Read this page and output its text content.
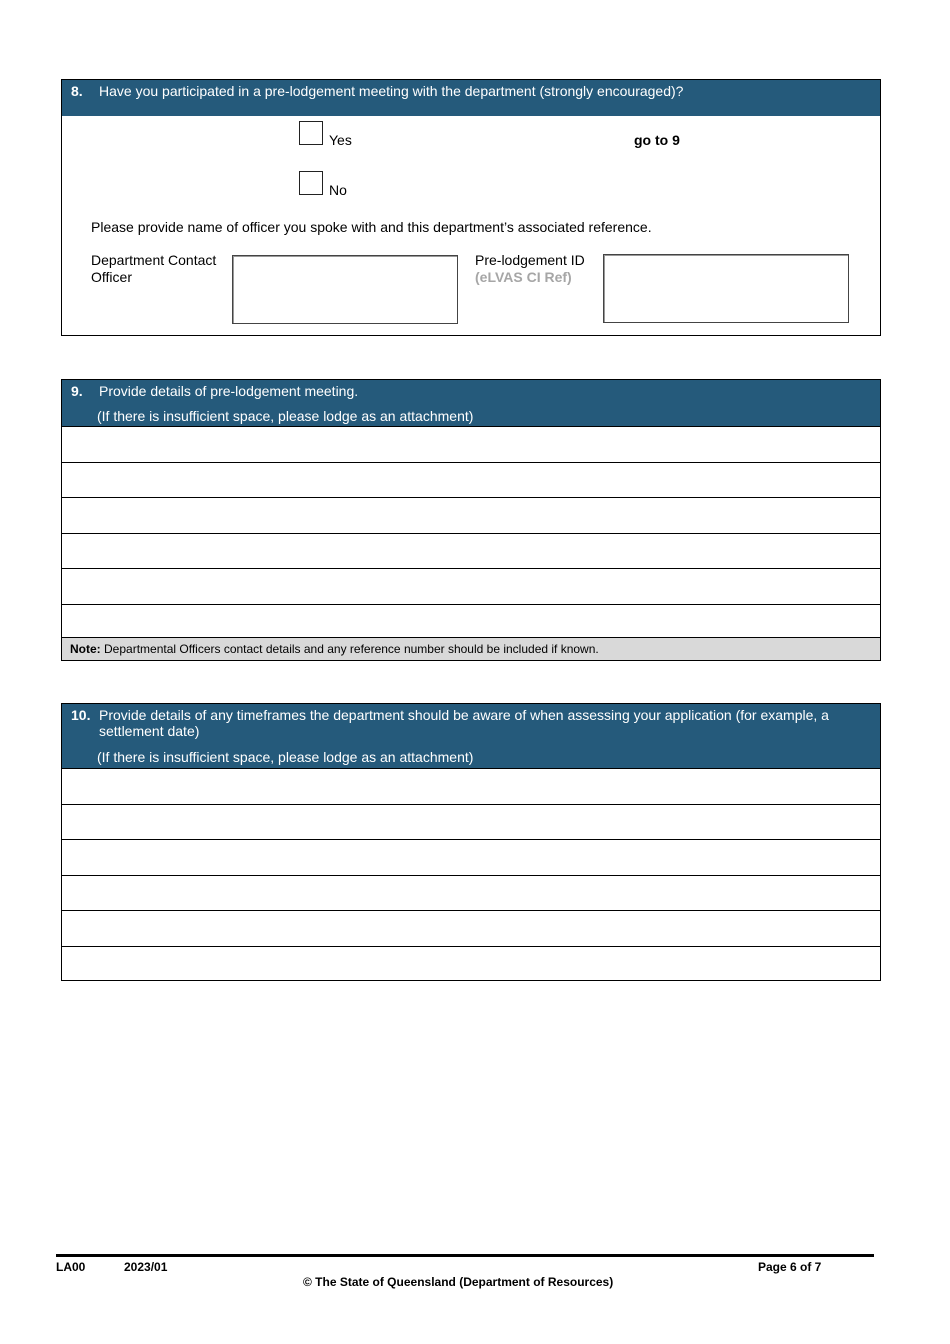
8. Have you participated in a pre-lodgement meeting with the department (strongly encouraged)?
Yes	go to 9
No
Please provide name of officer you spoke with and this department’s associated reference.
Department Contact
Officer
Pre-lodgement ID
(eLVAS CI Ref)
9. Provide details of pre-lodgement meeting.
(If there is insufficient space, please lodge as an attachment)
Note: Departmental Officers contact details and any reference number should be included if known.
10. Provide details of any timeframes the department should be aware of when assessing your application (for example, a settlement date)
(If there is insufficient space, please lodge as an attachment)
LA00	2023/01	Page 6 of 7
© The State of Queensland (Department of Resources)
